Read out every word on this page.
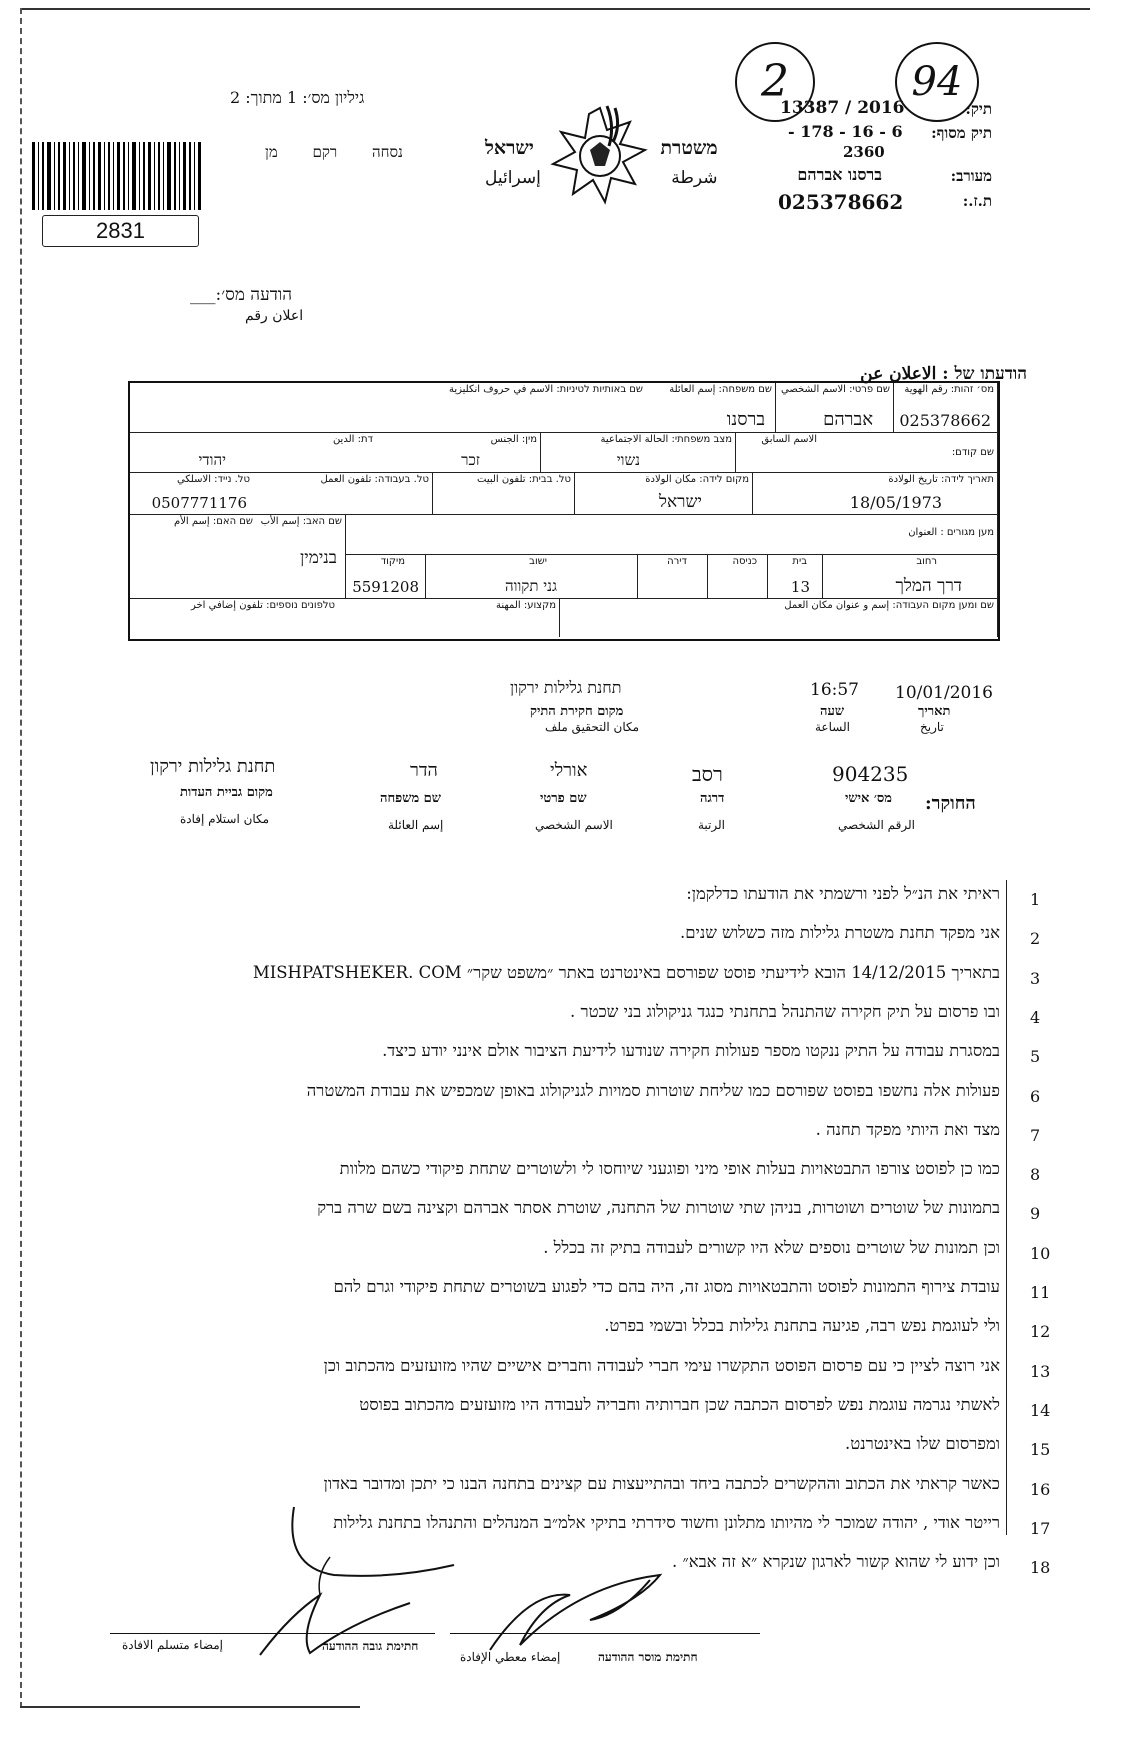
גיליון מס׳: 1 מתוך: 2
נסחה רקם מן
2831
משטרת ישראל
شرطة إسرائيل
2	94
תיק:
13387 / 2016
תיק מסוף:
- 178 - 16 - 6
2360
מעורב:
ברסנו אברהם
ת.ז.:
025378662
הודעה מס׳:___
اعلان رقم
הודעתו של : الاعلان عن
מס׳ זהות: رقم الهوية
025378662
שם פרטי: الاسم الشخصي
אברהם
שם משפחה: إسم العائلة
ברסנו
שם באותיות לטיניות: الاسم في حروف انكليزية
שם קודם:
الاسم السابق
מצב משפחתי: الحالة الاجتماعية
נשוי
מין: الجنس
זכר
דת: الدين
יהודי
תאריך לידה: تاريخ الولادة
18/05/1973
מקום לידה: مكان الولادة
ישראל
טל. בבית: تلفون البيت
טל. בעבודה: تلفون العمل
טל. נייד: الاسلكي
0507771176
מען מגורים : العنوان
שם האב: إسم الأب
בנימין
שם האם: إسم الأم
רחוב
דרך המלך
בית
13
כניסה
דירה
ישוב
גני תקווה
מיקוד
5591208
שם ומען מקום העבודה: إسم و عنوان مكان العمل
מקצוע: المهنة
טלפונים נוספים: تلفون إضافي اخر
10/01/2016
תאריך
تاريخ
16:57
שעה
الساعة
תחנת גלילות ירקון
מקום חקירת התיק
مكان التحقيق ملف
החוקר:
904235
מס׳ אישי
الرقم الشخصي
רסב
דרגה
الرتبة
אורלי
שם פרטי
الاسم الشخصي
הדר
שם משפחה
إسم العائلة
תחנת גלילות ירקון
מקום גביית העדות
مكان استلام إفادة
ראיתי את הנ״ל לפני ורשמתי את הודעתו כדלקמן: 1
אני מפקד תחנת משטרת גלילות מזה כשלוש שנים. 2
בתאריך 14/12/2015 הובא לידיעתי פוסט שפורסם באינטרנט באתר ״משפט שקר״ MISHPATSHEKER. COM 3
ובו פרסום על תיק חקירה שהתנהל בתחנתי כנגד גניקולוג בני שכטר . 4
במסגרת עבודה על התיק ננקטו מספר פעולות חקירה שנודעו לידיעת הציבור אולם אינני יודע כיצד. 5
פעולות אלה נחשפו בפוסט שפורסם כמו שליחת שוטרות סמויות לגניקולוג באופן שמכפיש את עבודת המשטרה 6
מצד ואת היותי מפקד תחנה . 7
כמו כן לפוסט צורפו התבטאויות בעלות אופי מיני ופוגעני שיוחסו לי ולשוטרים שתחת פיקודי כשהם מלוות 8
בתמונות של שוטרים ושוטרות, בניהן שתי שוטרות של התחנה, שוטרת אסתר אברהם וקצינה בשם שרה ברק 9
וכן תמונות של שוטרים נוספים שלא היו קשורים לעבודה בתיק זה בכלל . 10
עובדת צירוף התמונות לפוסט והתבטאויות מסוג זה, היה בהם כדי לפגוע בשוטרים שתחת פיקודי וגרם להם 11
ולי לעוגמת נפש רבה, פגיעה בתחנת גלילות בכלל ובשמי בפרט. 12
אני רוצה לציין כי עם פרסום הפוסט התקשרו עימי חברי לעבודה וחברים אישיים שהיו מזועזעים מהכתוב וכן 13
לאשתי נגרמה עוגמת נפש לפרסום הכתבה שכן חברותיה וחבריה לעבודה היו מזועזעים מהכתוב בפוסט 14
ומפרסום שלו באינטרנט. 15
כאשר קראתי את הכתוב וההקשרים לכתבה ביחד ובהתייעצות עם קצינים בתחנה הבנו כי יתכן ומדובר באדון 16
רייטר אודי , יהודה שמוכר לי מהיותו מתלונן וחשוד סידרתי בתיקי אלמ״ב המנהלים והתנהלו בתחנת גלילות 17
וכן ידוע לי שהוא קשור לארגון שנקרא ״א זה אבא״ . 18
חתימת גובה ההודעה
إمضاء متسلم الافادة
חתימת מוסר ההודעה
إمضاء معطي الإفادة
